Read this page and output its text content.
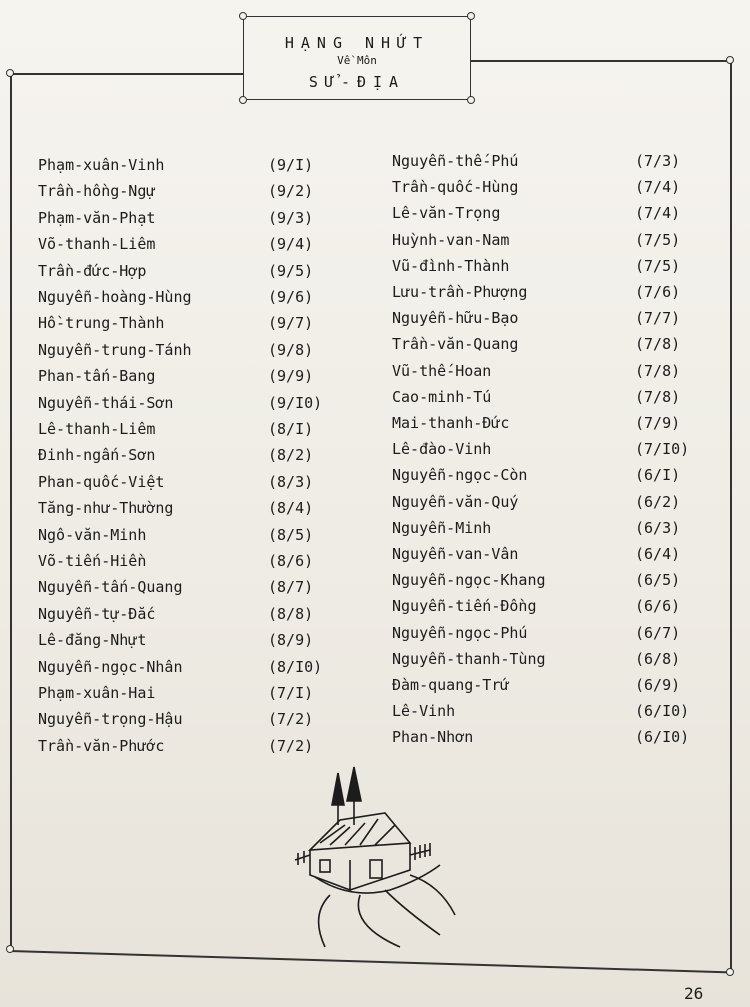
HẠNG NHỨT
Về Môn
SỬ-ĐỊA
Phạm-xuân-Vinh	(9/I)
Trần-hồng-Ngự	(9/2)
Phạm-văn-Phạt	(9/3)
Võ-thanh-Liêm	(9/4)
Trần-đức-Hợp	(9/5)
Nguyễn-hoàng-Hùng	(9/6)
Hồ-trung-Thành	(9/7)
Nguyễn-trung-Tánh	(9/8)
Phan-tấn-Bang	(9/9)
Nguyễn-thái-Sơn	(9/I0)
Lê-thanh-Liêm	(8/I)
Đinh-ngấn-Sơn	(8/2)
Phan-quốc-Việt	(8/3)
Tăng-như-Thường	(8/4)
Ngô-văn-Minh	(8/5)
Võ-tiến-Hiền	(8/6)
Nguyễn-tấn-Quang	(8/7)
Nguyễn-tự-Đắc	(8/8)
Lê-đăng-Nhựt	(8/9)
Nguyễn-ngọc-Nhân	(8/I0)
Phạm-xuân-Hai	(7/I)
Nguyễn-trọng-Hậu	(7/2)
Trần-văn-Phước	(7/2)
Nguyễn-thế-Phú	(7/3)
Trần-quốc-Hùng	(7/4)
Lê-văn-Trọng	(7/4)
Huỳnh-van-Nam	(7/5)
Vũ-đình-Thành	(7/5)
Lưu-trần-Phượng	(7/6)
Nguyễn-hữu-Bạo	(7/7)
Trần-văn-Quang	(7/8)
Vũ-thế-Hoan	(7/8)
Cao-minh-Tú	(7/8)
Mai-thanh-Đức	(7/9)
Lê-đào-Vinh	(7/I0)
Nguyễn-ngọc-Còn	(6/I)
Nguyễn-văn-Quý	(6/2)
Nguyễn-Minh	(6/3)
Nguyễn-van-Vân	(6/4)
Nguyễn-ngọc-Khang	(6/5)
Nguyễn-tiến-Đồng	(6/6)
Nguyễn-ngọc-Phú	(6/7)
Nguyễn-thanh-Tùng	(6/8)
Đàm-quang-Trứ	(6/9)
Lê-Vinh	(6/I0)
Phan-Nhơn	(6/I0)
26
